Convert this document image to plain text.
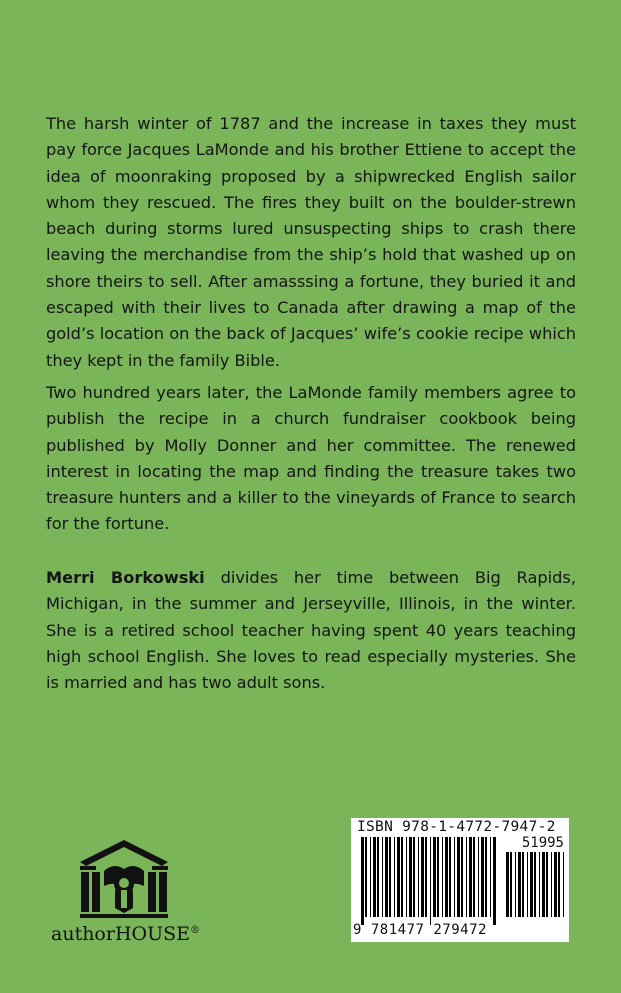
The harsh winter of 1787 and the increase in taxes they must pay force Jacques LaMonde and his brother Ettiene to accept the idea of moonraking proposed by a shipwrecked English sailor whom they rescued. The fires they built on the boulder-strewn beach during storms lured unsuspecting ships to crash there leaving the merchandise from the ship’s hold that washed up on shore theirs to sell. After amasssing a fortune, they buried it and escaped with their lives to Canada after drawing a map of the gold’s location on the back of Jacques’ wife’s cookie recipe which they kept in the family Bible.

Two hundred years later, the LaMonde family members agree to publish the recipe in a church fundraiser cookbook being published by Molly Donner and her committee. The renewed interest in locating the map and finding the treasure takes two treasure hunters and a killer to the vineyards of France to search for the fortune.

Merri Borkowski divides her time between Big Rapids, Michigan, in the summer and Jerseyville, Illinois, in the winter. She is a retired school teacher having spent 40 years teaching high school English. She loves to read especially mysteries. She is married and has two adult sons.

authorHOUSE®
ISBN 978-1-4772-7947-2
51995
9 781477 279472
